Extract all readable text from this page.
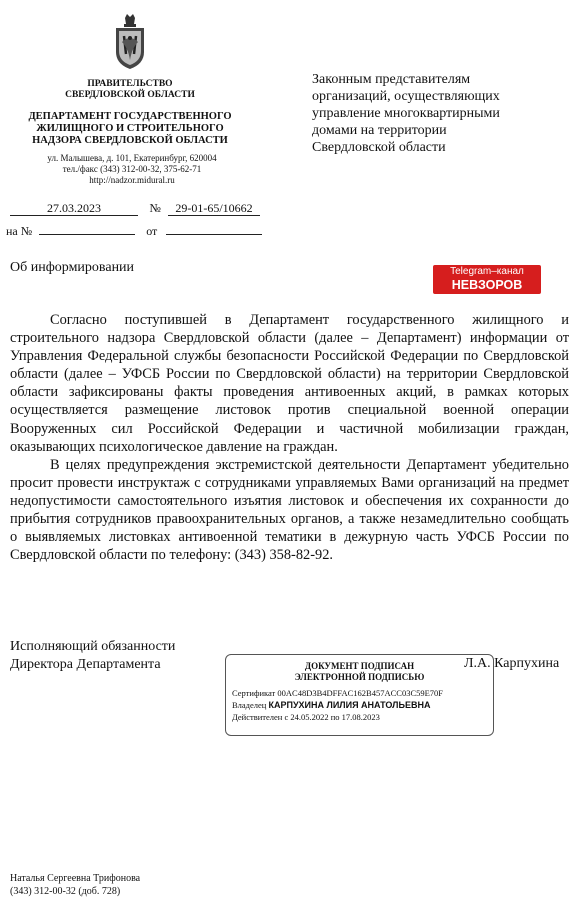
ПРАВИТЕЛЬСТВО
СВЕРДЛОВСКОЙ ОБЛАСТИ
ДЕПАРТАМЕНТ ГОСУДАРСТВЕННОГО
ЖИЛИЩНОГО И СТРОИТЕЛЬНОГО
НАДЗОРА СВЕРДЛОВСКОЙ ОБЛАСТИ
ул. Малышева, д. 101, Екатеринбург, 620004
тел./факс (343) 312-00-32, 375-62-71
http://nadzor.midural.ru
27.03.2023	№ 29-01-65/10662
на №	от
Законным представителям
организаций, осуществляющих
управление многоквартирными
домами на территории
Свердловской области
Об информировании	Telegram–канал
НЕВЗОРОВ

Согласно поступившей в Департамент государственного жилищного и строительного надзора Свердловской области (далее – Департамент) информации от Управления Федеральной службы безопасности Российской Федерации по Свердловской области (далее – УФСБ России по Свердловской области) на территории Свердловской области зафиксированы факты проведения антивоенных акций, в рамках которых осуществляется размещение листовок против специальной военной операции Вооруженных сил Российской Федерации и частичной мобилизации граждан, оказывающих психологическое давление на граждан.

В целях предупреждения экстремистской деятельности Департамент убедительно просит провести инструктаж с сотрудниками управляемых Вами организаций на предмет недопустимости самостоятельного изъятия листовок и обеспечения их сохранности до прибытия сотрудников правоохранительных органов, а также незамедлительно сообщать о выявляемых листовках антивоенной тематики в дежурную часть УФСБ России по Свердловской области по телефону: (343) 358-82-92.

Исполняющий обязанности
Директора Департамента	ДОКУМЕНТ ПОДПИСАН
ЭЛЕКТРОННОЙ ПОДПИСЬЮ
Сертификат 00AC48D3B4DFFAC162B457ACC03C59E70F
Владелец КАРПУХИНА ЛИЛИЯ АНАТОЛЬЕВНА
Действителен с 24.05.2022 по 17.08.2023
Л.А. Карпухина
Наталья Сергеевна Трифонова
(343) 312-00-32 (доб. 728)
